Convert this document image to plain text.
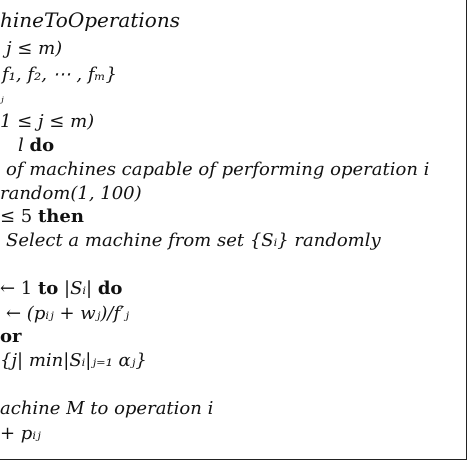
hineToOperations
j ≤ m)
f₁, f₂, ⋯ , fₘ}
ⱼ
1 ≤ j ≤ m)
l do
of machines capable of performing operation i
random(1, 100)
≤ 5 then
Select a machine from set {Sᵢ} randomly
← 1 to |Sᵢ| do
← (pᵢⱼ + wⱼ)/f′ⱼ
or
{j| min|Sᵢ|ⱼ₌₁ αⱼ}
achine M to operation i
+ pᵢⱼ
